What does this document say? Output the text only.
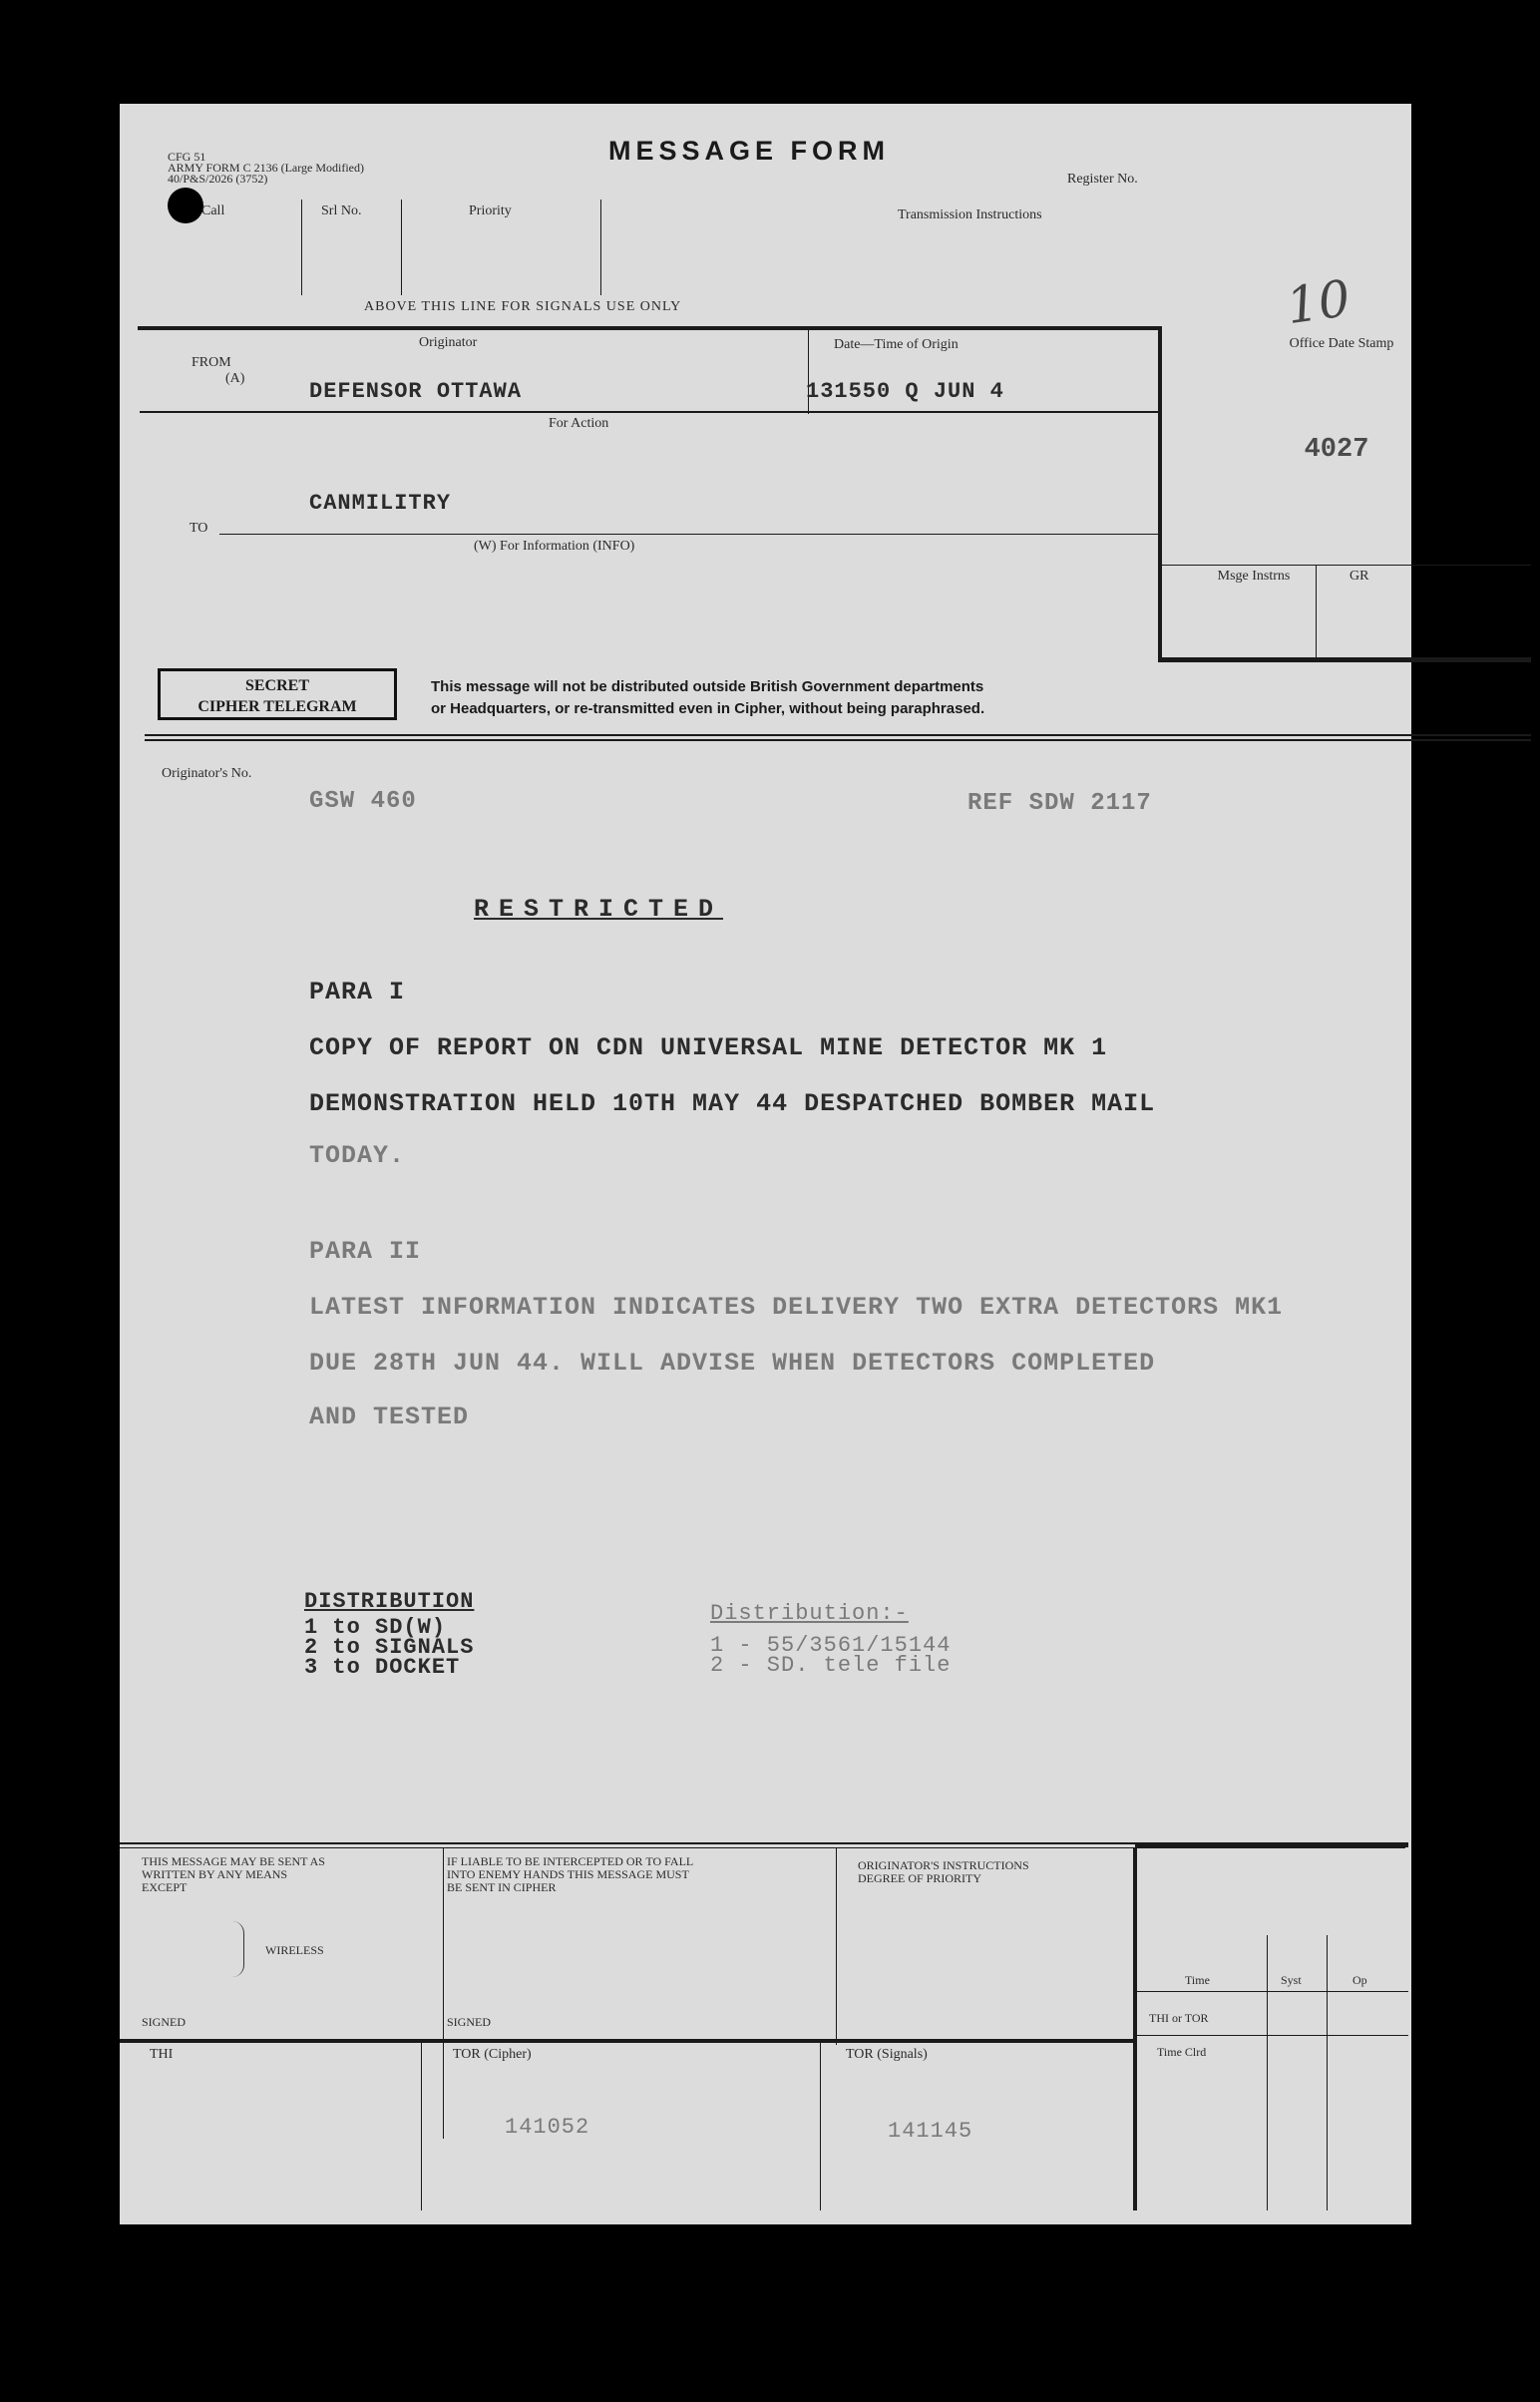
CFG 51
ARMY FORM C 2136 (Large Modified)
40/P&S/2026 (3752)
MESSAGE FORM
Register No.
Call	Srl No.	Priority	Transmission Instructions
10
ABOVE THIS LINE FOR SIGNALS USE ONLY
FROM
(A)
Originator
DEFENSOR OTTAWA
Date—Time of Origin
131550 Q JUN 4
For Action
CANMILITRY
TO
(W) For Information (INFO)
Office Date Stamp
4027
Msge Instrns	GR
SECRET
CIPHER TELEGRAM
This message will not be distributed outside British Government departments
or Headquarters, or re-transmitted even in Cipher, without being paraphrased.
Originator's No.
GSW 460	REF SDW 2117
RESTRICTED
PARA I
COPY OF REPORT ON CDN UNIVERSAL MINE DETECTOR MK 1
DEMONSTRATION HELD 10TH MAY 44 DESPATCHED BOMBER MAIL
TODAY.
PARA II
LATEST INFORMATION INDICATES DELIVERY TWO EXTRA DETECTORS MK1
DUE 28TH JUN 44. WILL ADVISE WHEN DETECTORS COMPLETED
AND TESTED
DISTRIBUTION
1 to SD(W)
2 to SIGNALS
3 to DOCKET
Distribution:-
1 - 55/3561/15144
2 - SD. tele file
THIS MESSAGE MAY BE SENT AS
WRITTEN BY ANY MEANS
EXCEPT
WIRELESS
SIGNED
IF LIABLE TO BE INTERCEPTED OR TO FALL
INTO ENEMY HANDS THIS MESSAGE MUST
BE SENT IN CIPHER
SIGNED
ORIGINATOR'S INSTRUCTIONS
DEGREE OF PRIORITY
Time	Syst	Op
THI or TOR
Time Clrd
THI	TOR (Cipher)
141052
TOR (Signals)
141145
